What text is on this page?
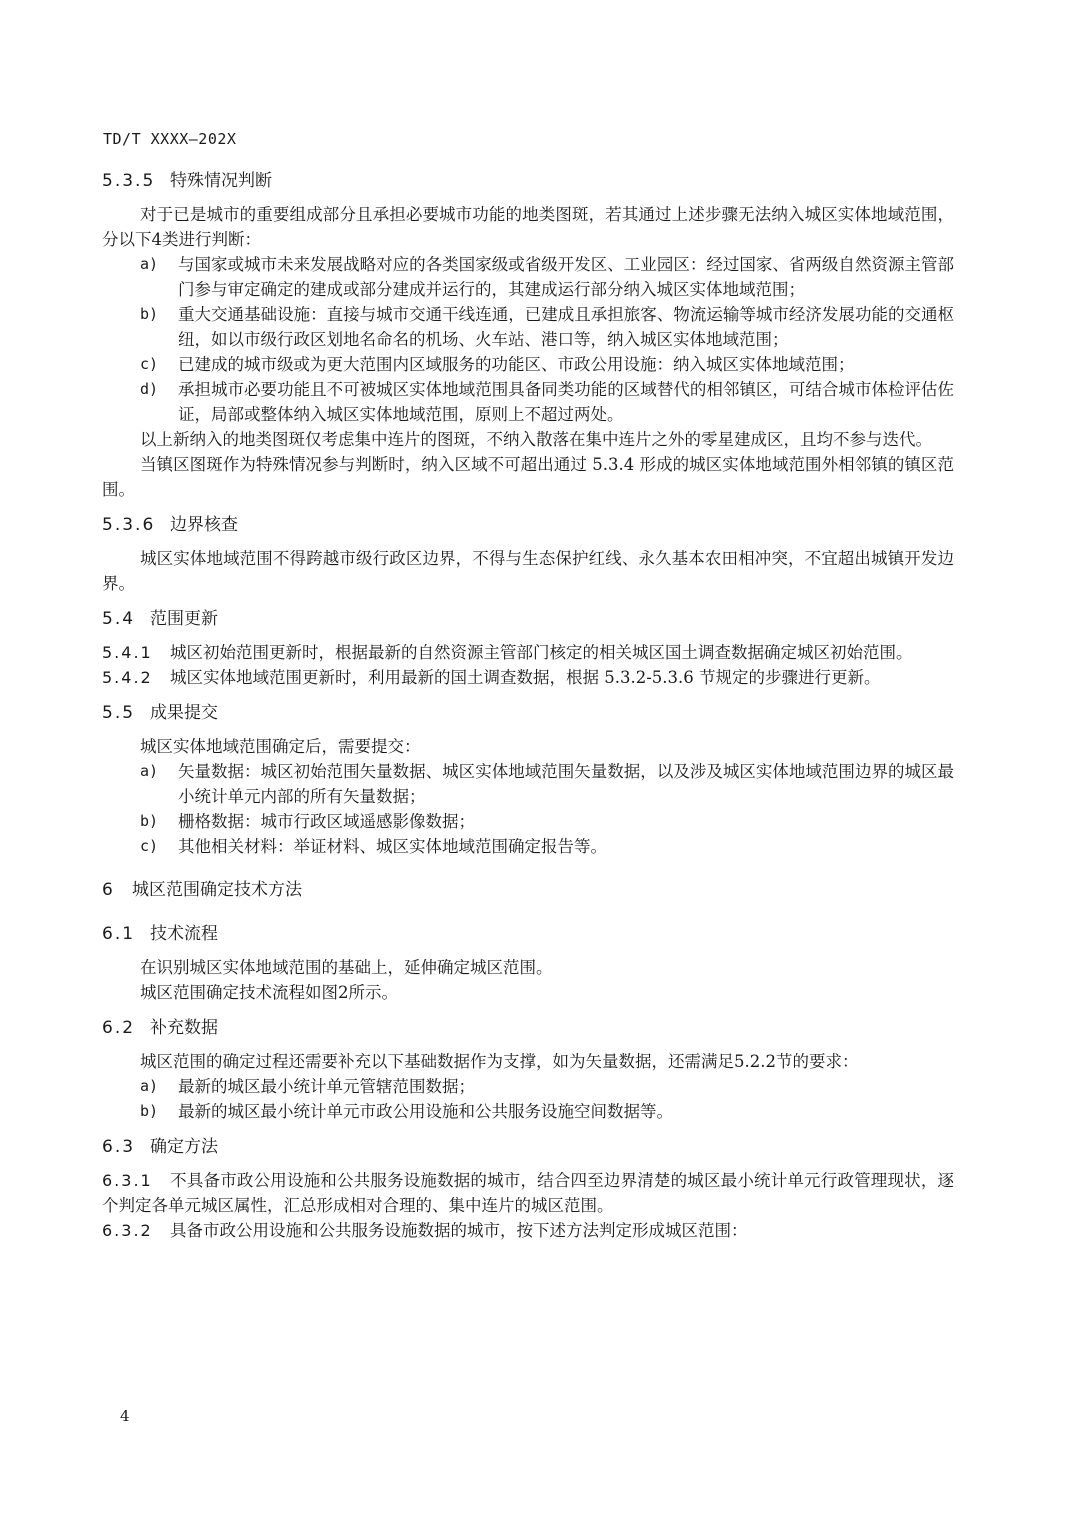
TD/T XXXX—202X
5.3.5 特殊情况判断

对于已是城市的重要组成部分且承担必要城市功能的地类图斑，若其通过上述步骤无法纳入城区实体地域范围，分以下4类进行判断：

a) 与国家或城市未来发展战略对应的各类国家级或省级开发区、工业园区：经过国家、省两级自然资源主管部门参与审定确定的建成或部分建成并运行的，其建成运行部分纳入城区实体地域范围；
b) 重大交通基础设施：直接与城市交通干线连通，已建成且承担旅客、物流运输等城市经济发展功能的交通枢纽，如以市级行政区划地名命名的机场、火车站、港口等，纳入城区实体地域范围；
c) 已建成的城市级或为更大范围内区域服务的功能区、市政公用设施：纳入城区实体地域范围；
d) 承担城市必要功能且不可被城区实体地域范围具备同类功能的区域替代的相邻镇区，可结合城市体检评估佐证，局部或整体纳入城区实体地域范围，原则上不超过两处。

以上新纳入的地类图斑仅考虑集中连片的图斑，不纳入散落在集中连片之外的零星建成区，且均不参与迭代。

当镇区图斑作为特殊情况参与判断时，纳入区域不可超出通过 5.3.4 形成的城区实体地域范围外相邻镇的镇区范围。

5.3.6 边界核查

城区实体地域范围不得跨越市级行政区边界，不得与生态保护红线、永久基本农田相冲突，不宜超出城镇开发边界。

5.4 范围更新
5.4.1 城区初始范围更新时，根据最新的自然资源主管部门核定的相关城区国土调查数据确定城区初始范围。
5.4.2 城区实体地域范围更新时，利用最新的国土调查数据，根据 5.3.2-5.3.6 节规定的步骤进行更新。
5.5 成果提交

城区实体地域范围确定后，需要提交：

a) 矢量数据：城区初始范围矢量数据、城区实体地域范围矢量数据，以及涉及城区实体地域范围边界的城区最小统计单元内部的所有矢量数据；
b) 栅格数据：城市行政区域遥感影像数据；
c) 其他相关材料：举证材料、城区实体地域范围确定报告等。
6 城区范围确定技术方法
6.1 技术流程

在识别城区实体地域范围的基础上，延伸确定城区范围。

城区范围确定技术流程如图2所示。

6.2 补充数据

城区范围的确定过程还需要补充以下基础数据作为支撑，如为矢量数据，还需满足5.2.2节的要求：

a) 最新的城区最小统计单元管辖范围数据；
b) 最新的城区最小统计单元市政公用设施和公共服务设施空间数据等。
6.3 确定方法
6.3.1 不具备市政公用设施和公共服务设施数据的城市，结合四至边界清楚的城区最小统计单元行政管理现状，逐个判定各单元城区属性，汇总形成相对合理的、集中连片的城区范围。
6.3.2 具备市政公用设施和公共服务设施数据的城市，按下述方法判定形成城区范围：
4
